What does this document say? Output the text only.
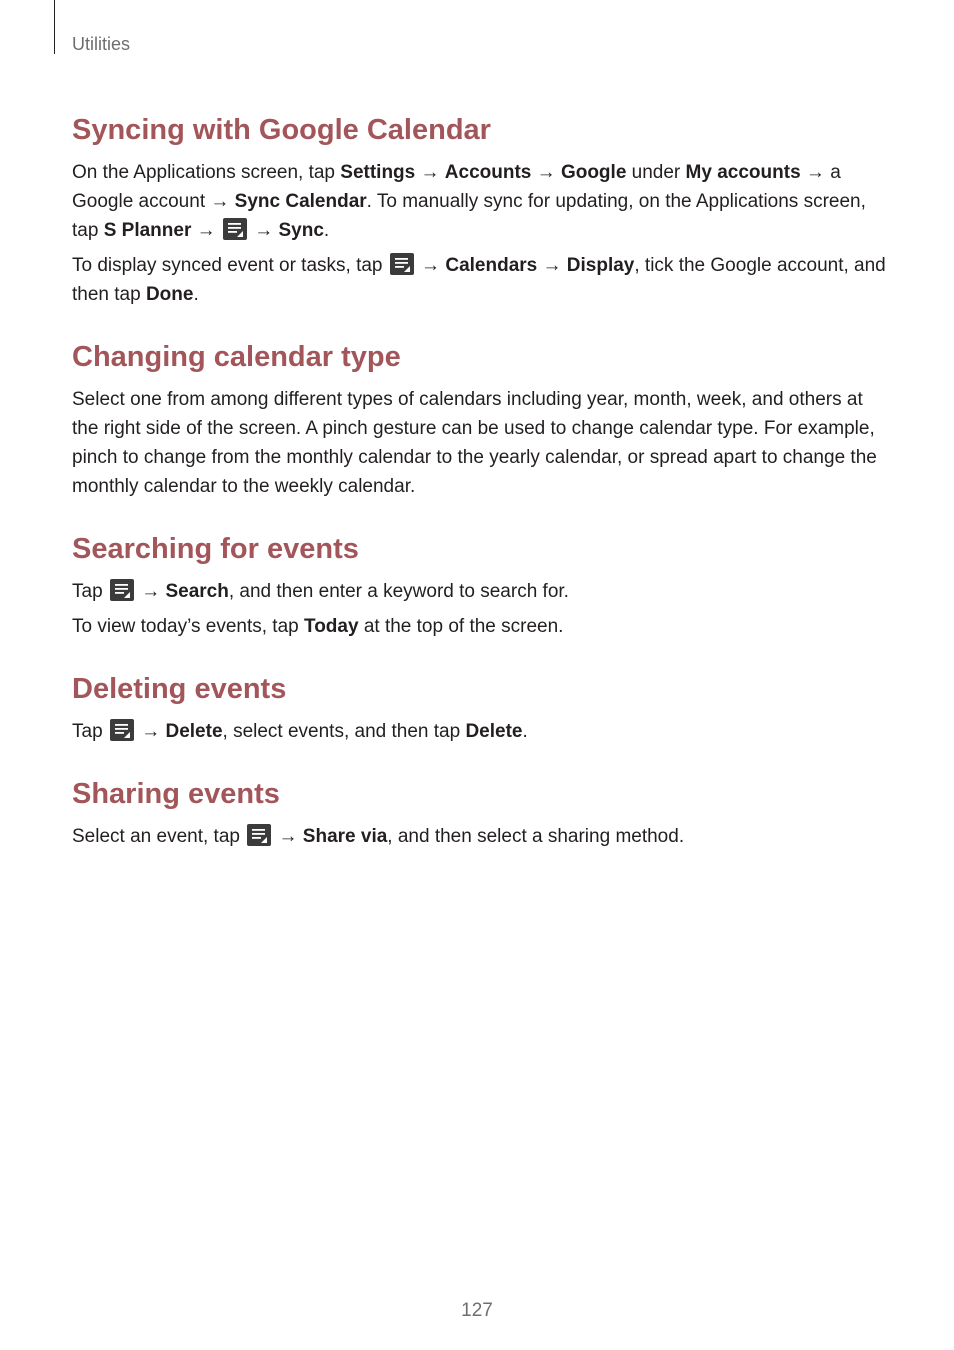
Utilities
Syncing with Google Calendar

On the Applications screen, tap Settings → Accounts → Google under My accounts → a Google account → Sync Calendar. To manually sync for updating, on the Applications screen, tap S Planner →
→ Sync.

To display synced event or tasks, tap
→ Calendars → Display, tick the Google account, and then tap Done.

Changing calendar type

Select one from among different types of calendars including year, month, week, and others at the right side of the screen. A pinch gesture can be used to change calendar type. For example, pinch to change from the monthly calendar to the yearly calendar, or spread apart to change the monthly calendar to the weekly calendar.

Searching for events

Tap
→ Search, and then enter a keyword to search for.

To view today’s events, tap Today at the top of the screen.

Deleting events

Tap
→ Delete, select events, and then tap Delete.

Sharing events

Select an event, tap
→ Share via, and then select a sharing method.

127
